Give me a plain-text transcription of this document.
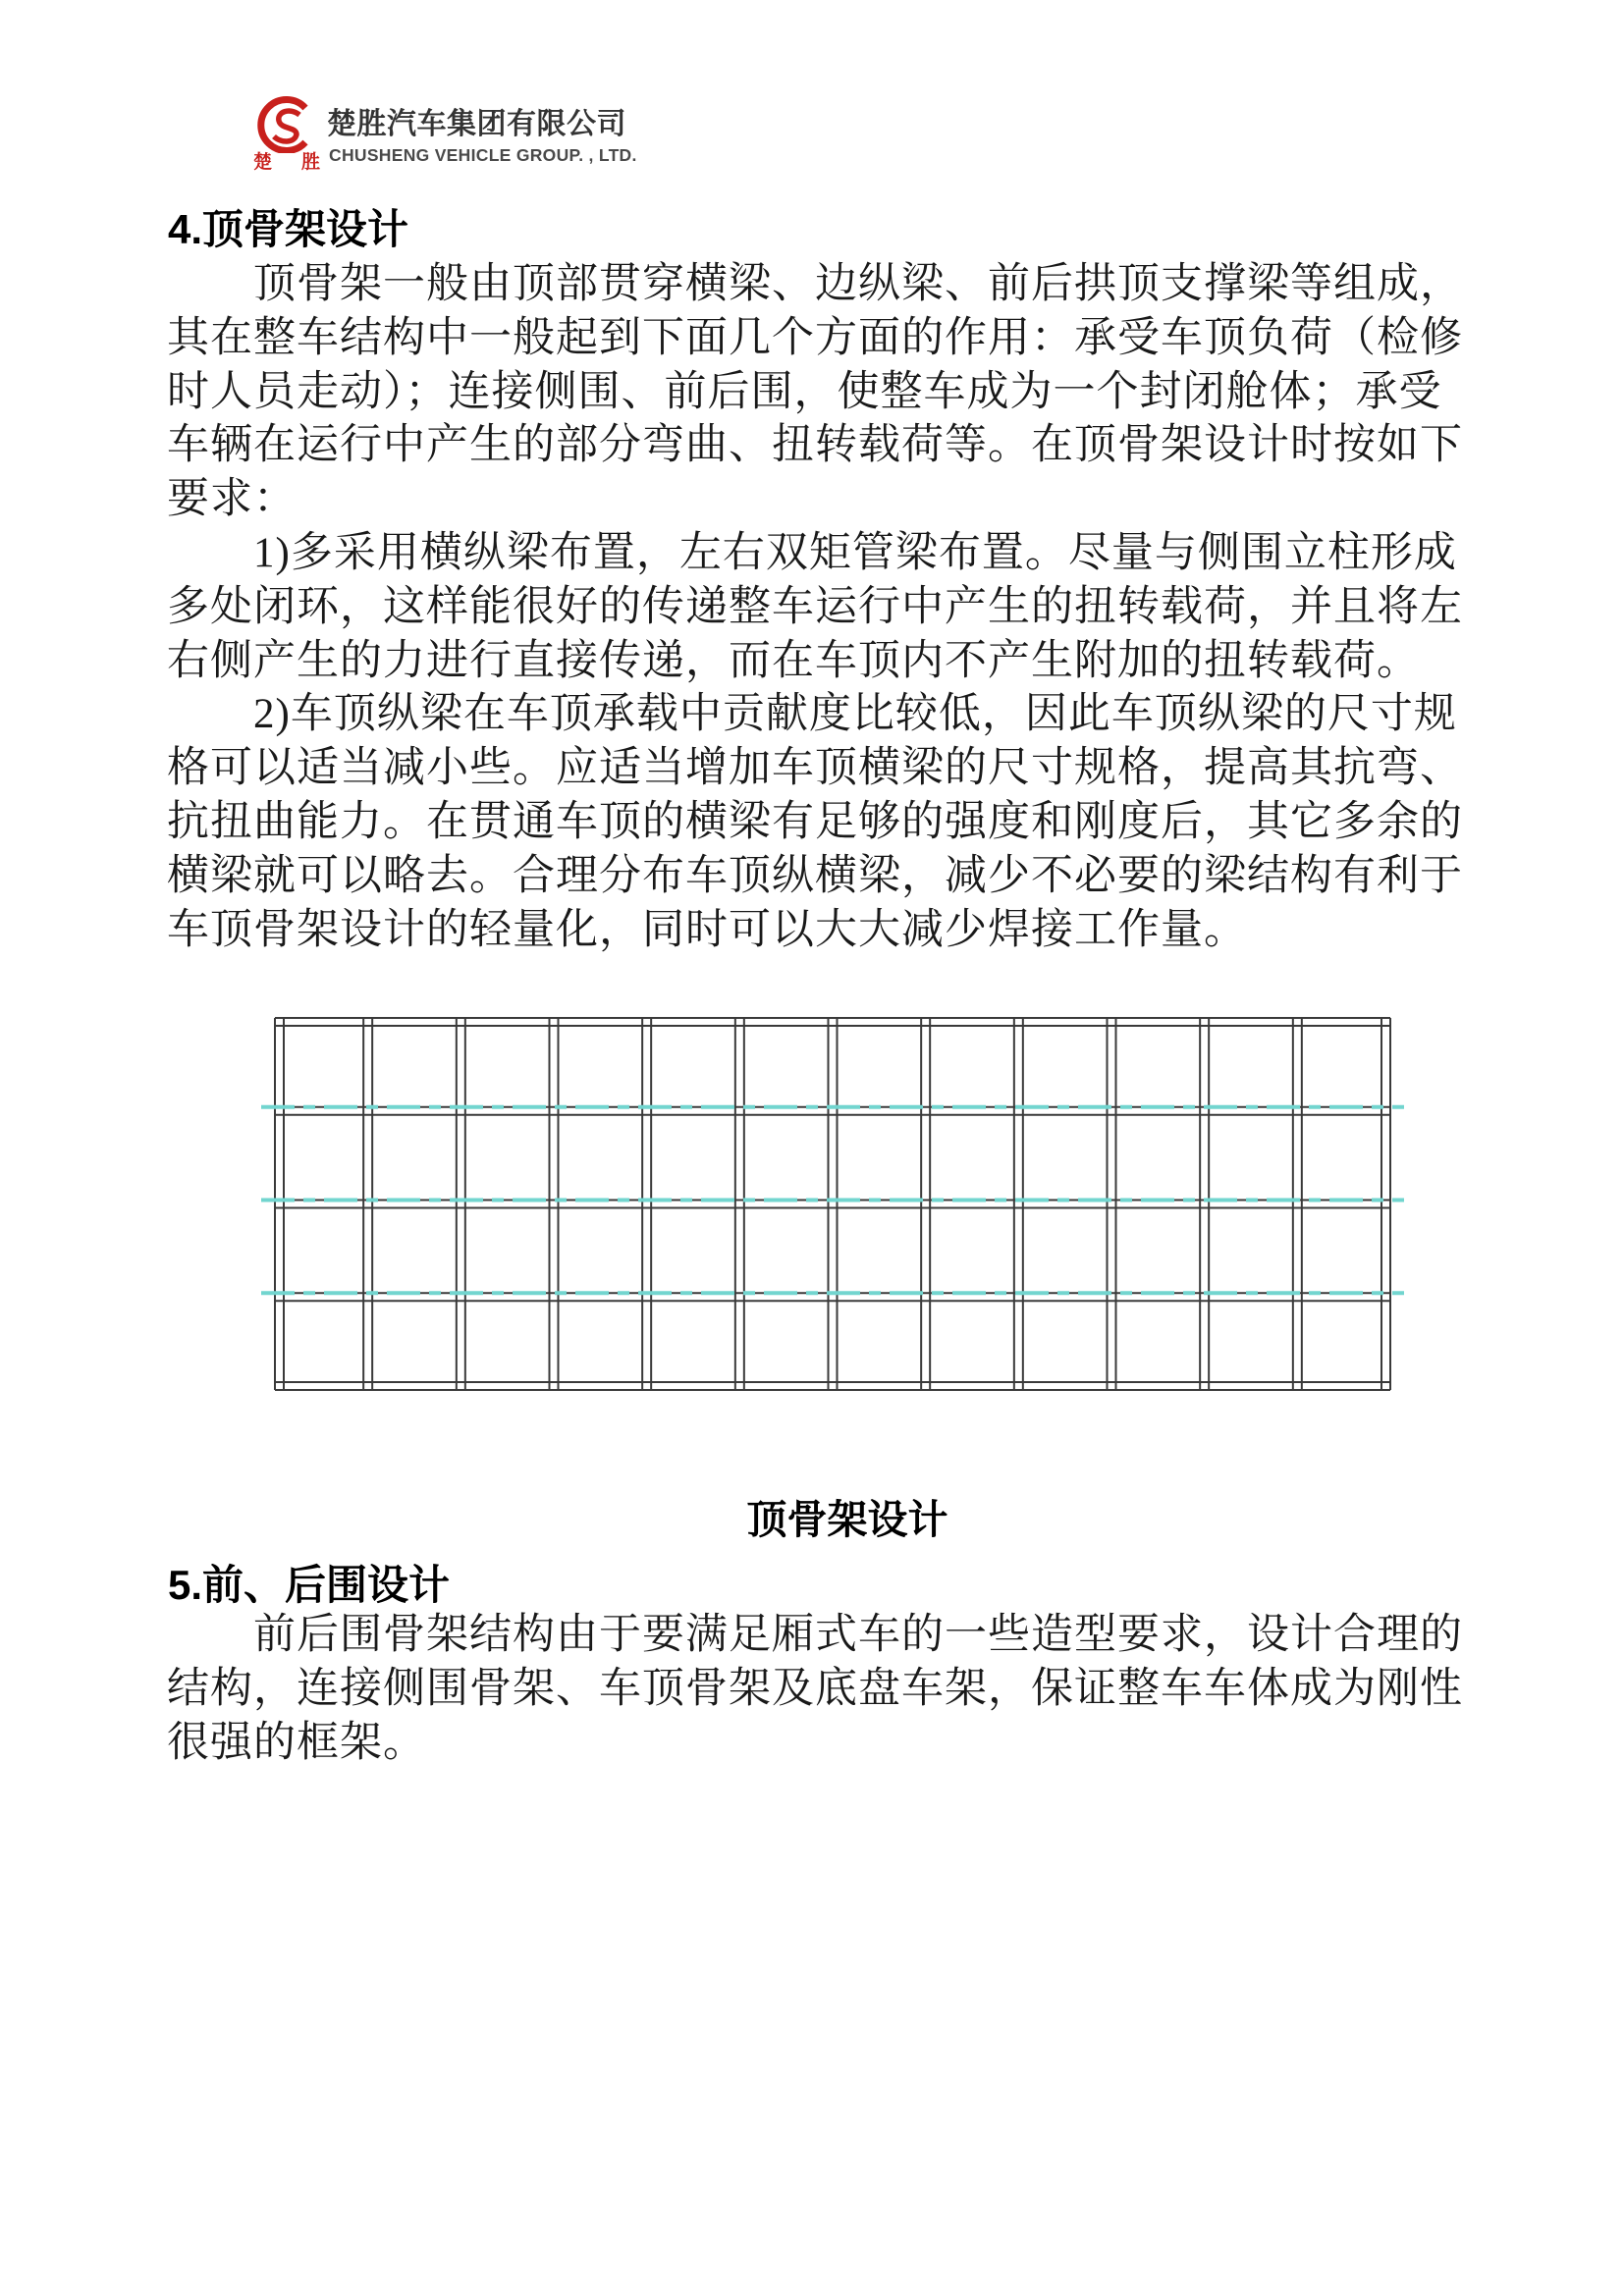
楚 胜
楚胜汽车集团有限公司
CHUSHENG VEHICLE GROUP. , LTD.
4.顶骨架设计
顶骨架一般由顶部贯穿横梁、边纵梁、前后拱顶支撑梁等组成，
其在整车结构中一般起到下面几个方面的作用：承受车顶负荷（检修
时人员走动）；连接侧围、前后围，使整车成为一个封闭舱体；承受
车辆在运行中产生的部分弯曲、扭转载荷等。在顶骨架设计时按如下
要求：
1)多采用横纵梁布置，左右双矩管梁布置。尽量与侧围立柱形成
多处闭环，这样能很好的传递整车运行中产生的扭转载荷，并且将左
右侧产生的力进行直接传递，而在车顶内不产生附加的扭转载荷。
2)车顶纵梁在车顶承载中贡献度比较低，因此车顶纵梁的尺寸规
格可以适当减小些。应适当增加车顶横梁的尺寸规格，提高其抗弯、
抗扭曲能力。在贯通车顶的横梁有足够的强度和刚度后，其它多余的
横梁就可以略去。合理分布车顶纵横梁，减少不必要的梁结构有利于
车顶骨架设计的轻量化，同时可以大大减少焊接工作量。
顶骨架设计
5.前、后围设计
前后围骨架结构由于要满足厢式车的一些造型要求，设计合理的
结构，连接侧围骨架、车顶骨架及底盘车架，保证整车车体成为刚性
很强的框架。
